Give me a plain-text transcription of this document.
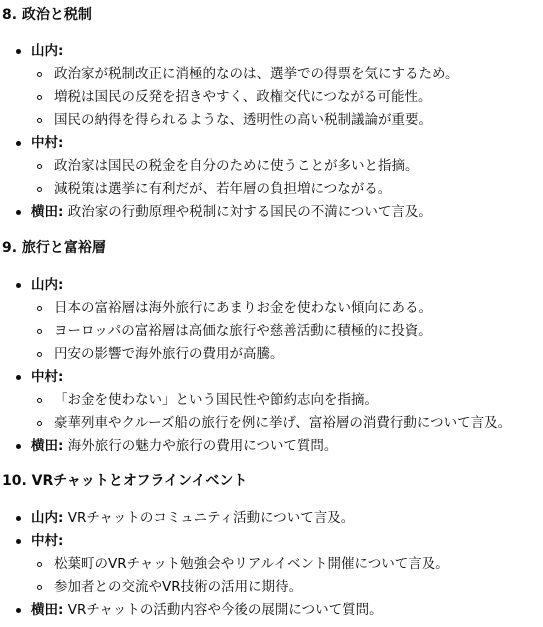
8. 政治と税制

山内:

政治家が税制改正に消極的なのは、選挙での得票を気にするため。

増税は国民の反発を招きやすく、政権交代につながる可能性。

国民の納得を得られるような、透明性の高い税制議論が重要。

中村:

政治家は国民の税金を自分のために使うことが多いと指摘。

減税策は選挙に有利だが、若年層の負担増につながる。

横田: 政治家の行動原理や税制に対する国民の不満について言及。

9. 旅行と富裕層

山内:

日本の富裕層は海外旅行にあまりお金を使わない傾向にある。

ヨーロッパの富裕層は高価な旅行や慈善活動に積極的に投資。

円安の影響で海外旅行の費用が高騰。

中村:

「お金を使わない」という国民性や節約志向を指摘。

豪華列車やクルーズ船の旅行を例に挙げ、富裕層の消費行動について言及。

横田: 海外旅行の魅力や旅行の費用について質問。

10. VRチャットとオフラインイベント

山内: VRチャットのコミュニティ活動について言及。

中村:

松葉町のVRチャット勉強会やリアルイベント開催について言及。

参加者との交流やVR技術の活用に期待。

横田: VRチャットの活動内容や今後の展開について質問。
